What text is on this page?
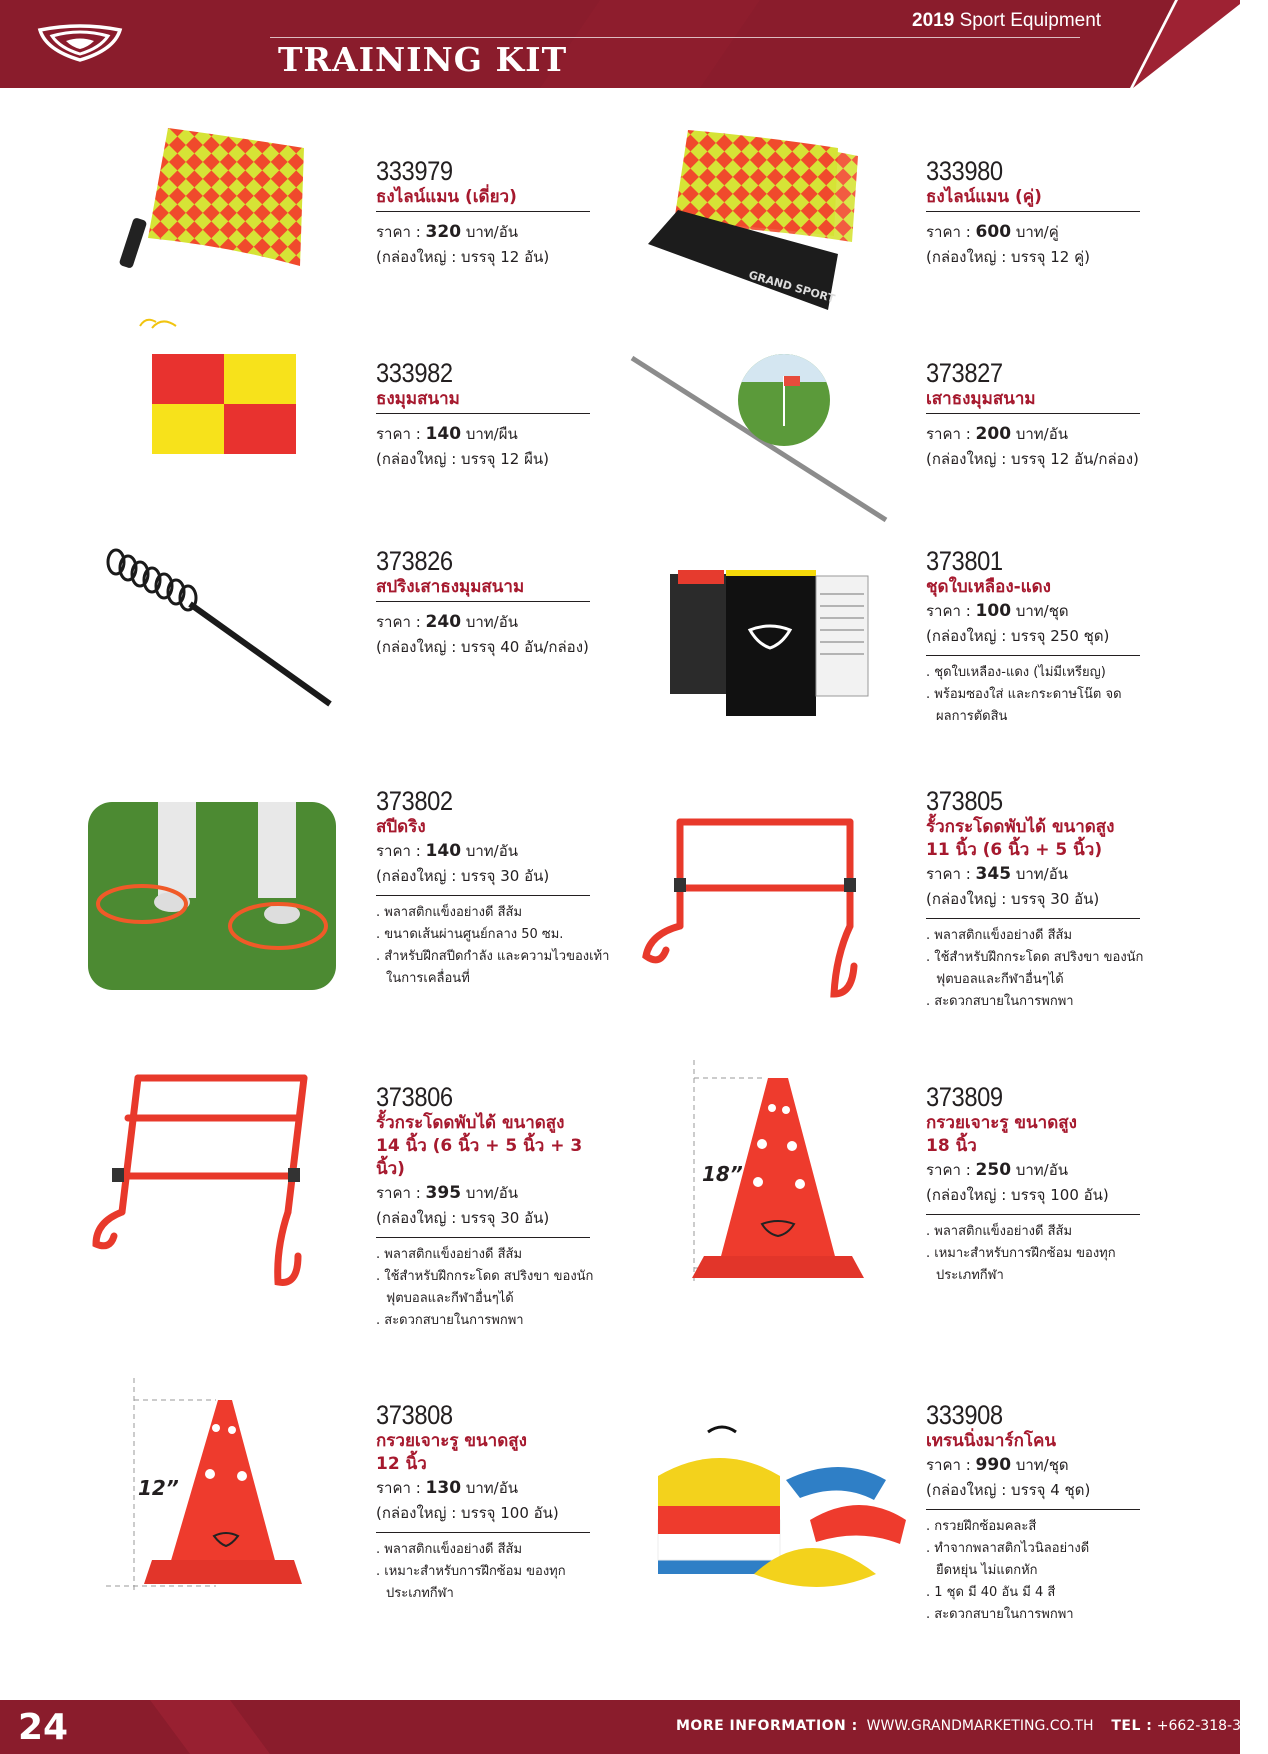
2019 Sport Equipment
TRAINING KIT
GRAND SPORT
18”
12”
333979
ธงไลน์แมน (เดี่ยว)
ราคา : 320 บาท/อัน
(กล่องใหญ่ : บรรจุ 12 อัน)
333980
ธงไลน์แมน (คู่)
ราคา : 600 บาท/คู่
(กล่องใหญ่ : บรรจุ 12 คู่)
333982
ธงมุมสนาม
ราคา : 140 บาท/ผืน
(กล่องใหญ่ : บรรจุ 12 ผืน)
373827
เสาธงมุมสนาม
ราคา : 200 บาท/อัน
(กล่องใหญ่ : บรรจุ 12 อัน/กล่อง)
373826
สปริงเสาธงมุมสนาม
ราคา : 240 บาท/อัน
(กล่องใหญ่ : บรรจุ 40 อัน/กล่อง)
373801
ชุดใบเหลือง-แดง
ราคา : 100 บาท/ชุด
(กล่องใหญ่ : บรรจุ 250 ชุด)
. ชุดใบเหลือง-แดง (ไม่มีเหรียญ)
. พร้อมซองใส่ และกระดาษโน๊ต จดผลการตัดสิน
373802
สปีดริง
ราคา : 140 บาท/อัน
(กล่องใหญ่ : บรรจุ 30 อัน)
. พลาสติกแข็งอย่างดี สีส้ม
. ขนาดเส้นผ่านศูนย์กลาง 50 ซม.
. สำหรับฝึกสปีดกำลัง และความไวของเท้าในการเคลื่อนที่
373805
รั้วกระโดดพับได้ ขนาดสูง 11 นิ้ว (6 นิ้ว + 5 นิ้ว)
ราคา : 345 บาท/อัน
(กล่องใหญ่ : บรรจุ 30 อัน)
. พลาสติกแข็งอย่างดี สีส้ม
. ใช้สำหรับฝึกกระโดด สปริงขา ของนักฟุตบอลและกีฬาอื่นๆได้
. สะดวกสบายในการพกพา
373806
รั้วกระโดดพับได้ ขนาดสูง 14 นิ้ว (6 นิ้ว + 5 นิ้ว + 3 นิ้ว)
ราคา : 395 บาท/อัน
(กล่องใหญ่ : บรรจุ 30 อัน)
. พลาสติกแข็งอย่างดี สีส้ม
. ใช้สำหรับฝึกกระโดด สปริงขา ของนักฟุตบอลและกีฬาอื่นๆได้
. สะดวกสบายในการพกพา
373809
กรวยเจาะรู ขนาดสูง 18 นิ้ว
ราคา : 250 บาท/อัน
(กล่องใหญ่ : บรรจุ 100 อัน)
. พลาสติกแข็งอย่างดี สีส้ม
. เหมาะสำหรับการฝึกซ้อม ของทุกประเภทกีฬา
373808
กรวยเจาะรู ขนาดสูง 12 นิ้ว
ราคา : 130 บาท/อัน
(กล่องใหญ่ : บรรจุ 100 อัน)
. พลาสติกแข็งอย่างดี สีส้ม
. เหมาะสำหรับการฝึกซ้อม ของทุกประเภทกีฬา
333908
เทรนนิ่งมาร์กโคน
ราคา : 990 บาท/ชุด
(กล่องใหญ่ : บรรจุ 4 ชุด)
. กรวยฝึกซ้อมคละสี
. ทำจากพลาสติกไวนิลอย่างดี ยืดหยุ่น ไม่แตกหัก
. 1 ชุด มี 40 อัน มี 4 สี
. สะดวกสบายในการพกพา
24	MORE INFORMATION : WWW.GRANDMARKETING.CO.TH TEL : +662-318-3000
